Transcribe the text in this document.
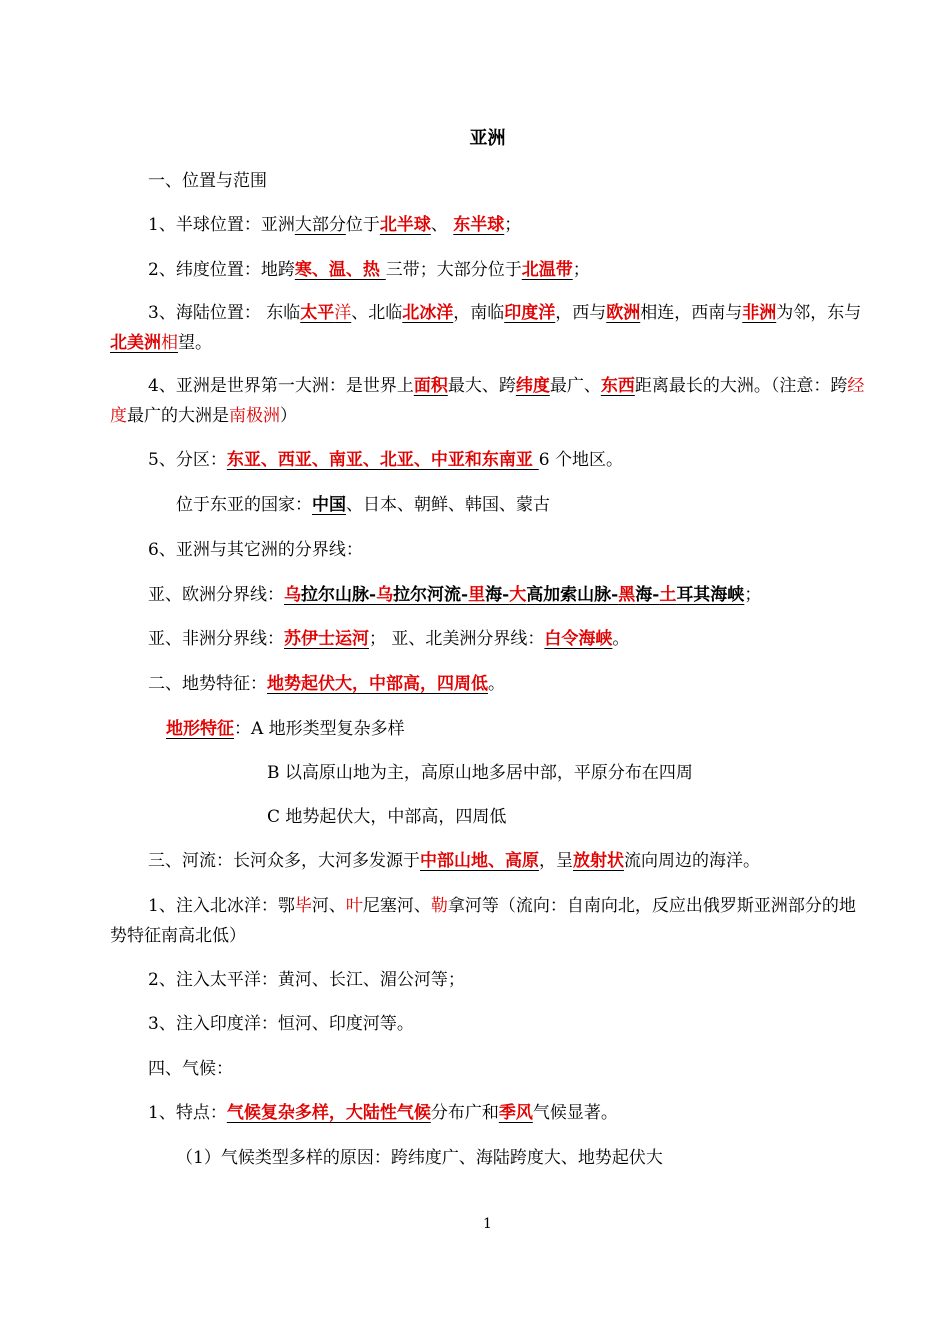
亚洲
一、位置与范围
1、半球位置：亚洲大部分位于北半球、 东半球；
2、纬度位置：地跨寒、温、热 三带；大部分位于北温带；
3、海陆位置： 东临太平洋、北临北冰洋，南临印度洋，西与欧洲相连，西南与非洲为邻，东与北美洲相望。
4、亚洲是世界第一大洲：是世界上面积最大、跨纬度最广、东西距离最长的大洲。（注意：跨经度最广的大洲是南极洲）
5、分区：东亚、西亚、南亚、北亚、中亚和东南亚 6 个地区。
位于东亚的国家：中国、日本、朝鲜、韩国、蒙古
6、亚洲与其它洲的分界线：
亚、欧洲分界线：乌拉尔山脉-乌拉尔河流-里海-大高加索山脉-黑海-土耳其海峡；
亚、非洲分界线：苏伊士运河； 亚、北美洲分界线：白令海峡。
二、地势特征：地势起伏大，中部高，四周低。
地形特征：A 地形类型复杂多样
B 以高原山地为主，高原山地多居中部，平原分布在四周
C 地势起伏大，中部高，四周低
三、河流：长河众多，大河多发源于中部山地、高原，呈放射状流向周边的海洋。
1、注入北冰洋：鄂毕河、叶尼塞河、勒拿河等（流向：自南向北，反应出俄罗斯亚洲部分的地势特征南高北低）
2、注入太平洋：黄河、长江、湄公河等；
3、注入印度洋：恒河、印度河等。
四、气候：
1、特点：气候复杂多样，大陆性气候分布广和季风气候显著。
（1）气候类型多样的原因：跨纬度广、海陆跨度大、地势起伏大
1
